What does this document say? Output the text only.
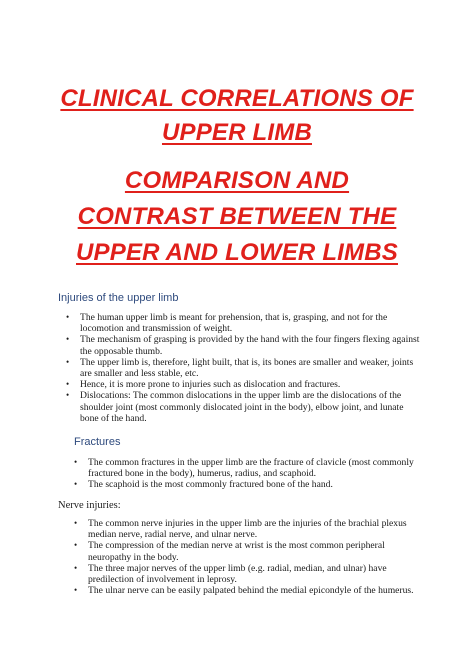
CLINICAL CORRELATIONS OF
UPPER LIMB
COMPARISON AND
CONTRAST BETWEEN THE
UPPER AND LOWER LIMBS
Injuries of the upper limb
• The human upper limb is meant for prehension, that is, grasping, and not for the locomotion and transmission of weight.
• The mechanism of grasping is provided by the hand with the four fingers flexing against the opposable thumb.
• The upper limb is, therefore, light built, that is, its bones are smaller and weaker, joints are smaller and less stable, etc.
• Hence, it is more prone to injuries such as dislocation and fractures.
• Dislocations: The common dislocations in the upper limb are the dislocations of the shoulder joint (most commonly dislocated joint in the body), elbow joint, and lunate bone of the hand.
Fractures
• The common fractures in the upper limb are the fracture of clavicle (most commonly fractured bone in the body), humerus, radius, and scaphoid.
• The scaphoid is the most commonly fractured bone of the hand.
Nerve injuries:
• The common nerve injuries in the upper limb are the injuries of the brachial plexus median nerve, radial nerve, and ulnar nerve.
• The compression of the median nerve at wrist is the most common peripheral neuropathy in the body.
• The three major nerves of the upper limb (e.g. radial, median, and ulnar) have predilection of involvement in leprosy.
• The ulnar nerve can be easily palpated behind the medial epicondyle of the humerus.
